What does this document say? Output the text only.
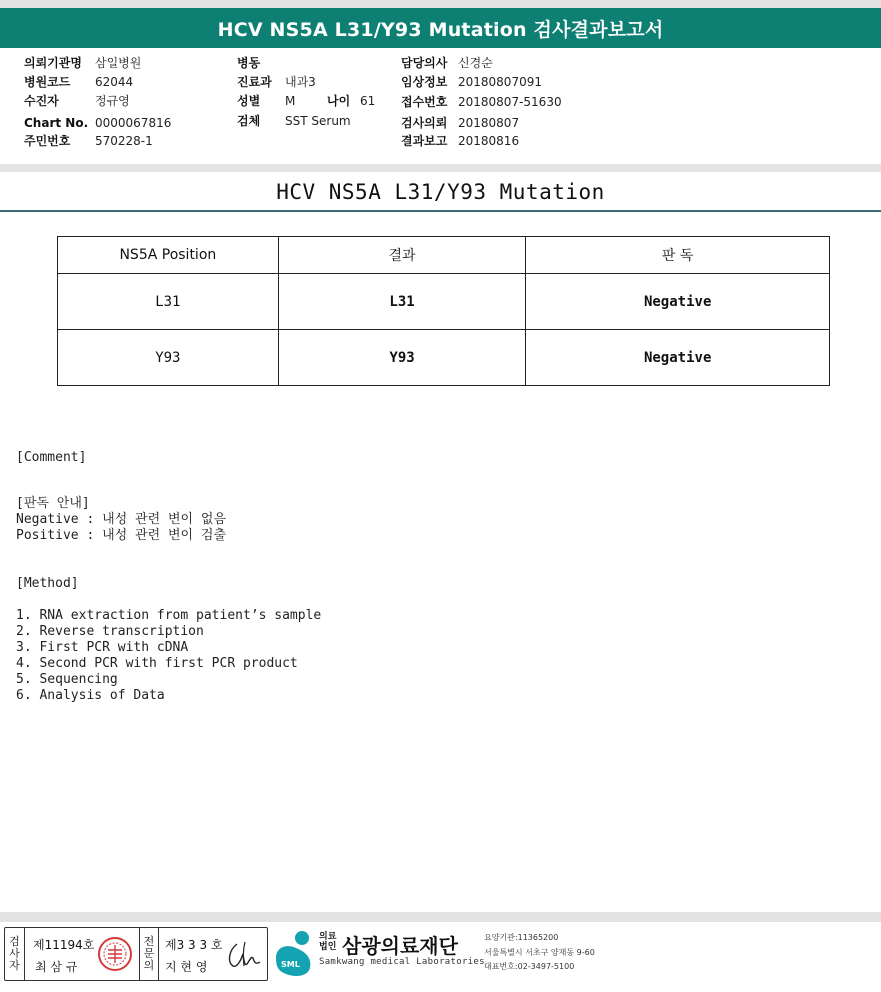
HCV NS5A L31/Y93 Mutation 검사결과보고서
의뢰기관명 삼일병원
병원코드 62044
수진자	정규영
Chart No. 0000067816
주민번호 570228-1
병동
진료과 내과3
성별 M	나이 61
검체 SST Serum
담당의사 신경순
임상정보 20180807091
접수번호 20180807-51630
검사의뢰 20180807
결과보고 20180816
HCV NS5A L31/Y93 Mutation
NS5A Position	결과	판 독
L31	L31	Negative
Y93	Y93	Negative
[Comment]

[판독 안내]
Negative : 내성 관련 변이 없음
Positive : 내성 관련 변이 검출

[Method]

1. RNA extraction from patient’s sample
2. Reverse transcription
3. First PCR with cDNA
4. Second PCR with first PCR product
5. Sequencing
6. Analysis of Data
검
사
자
제11194호
최 삼 규
전
문
의
제3 3 3 호
지 현 영	SML
의료
법인 삼광의료재단
Samkwang medical Laboratories
요양기관:11365200
서울특별시 서초구 양재동 9-60
대표번호:02-3497-5100
